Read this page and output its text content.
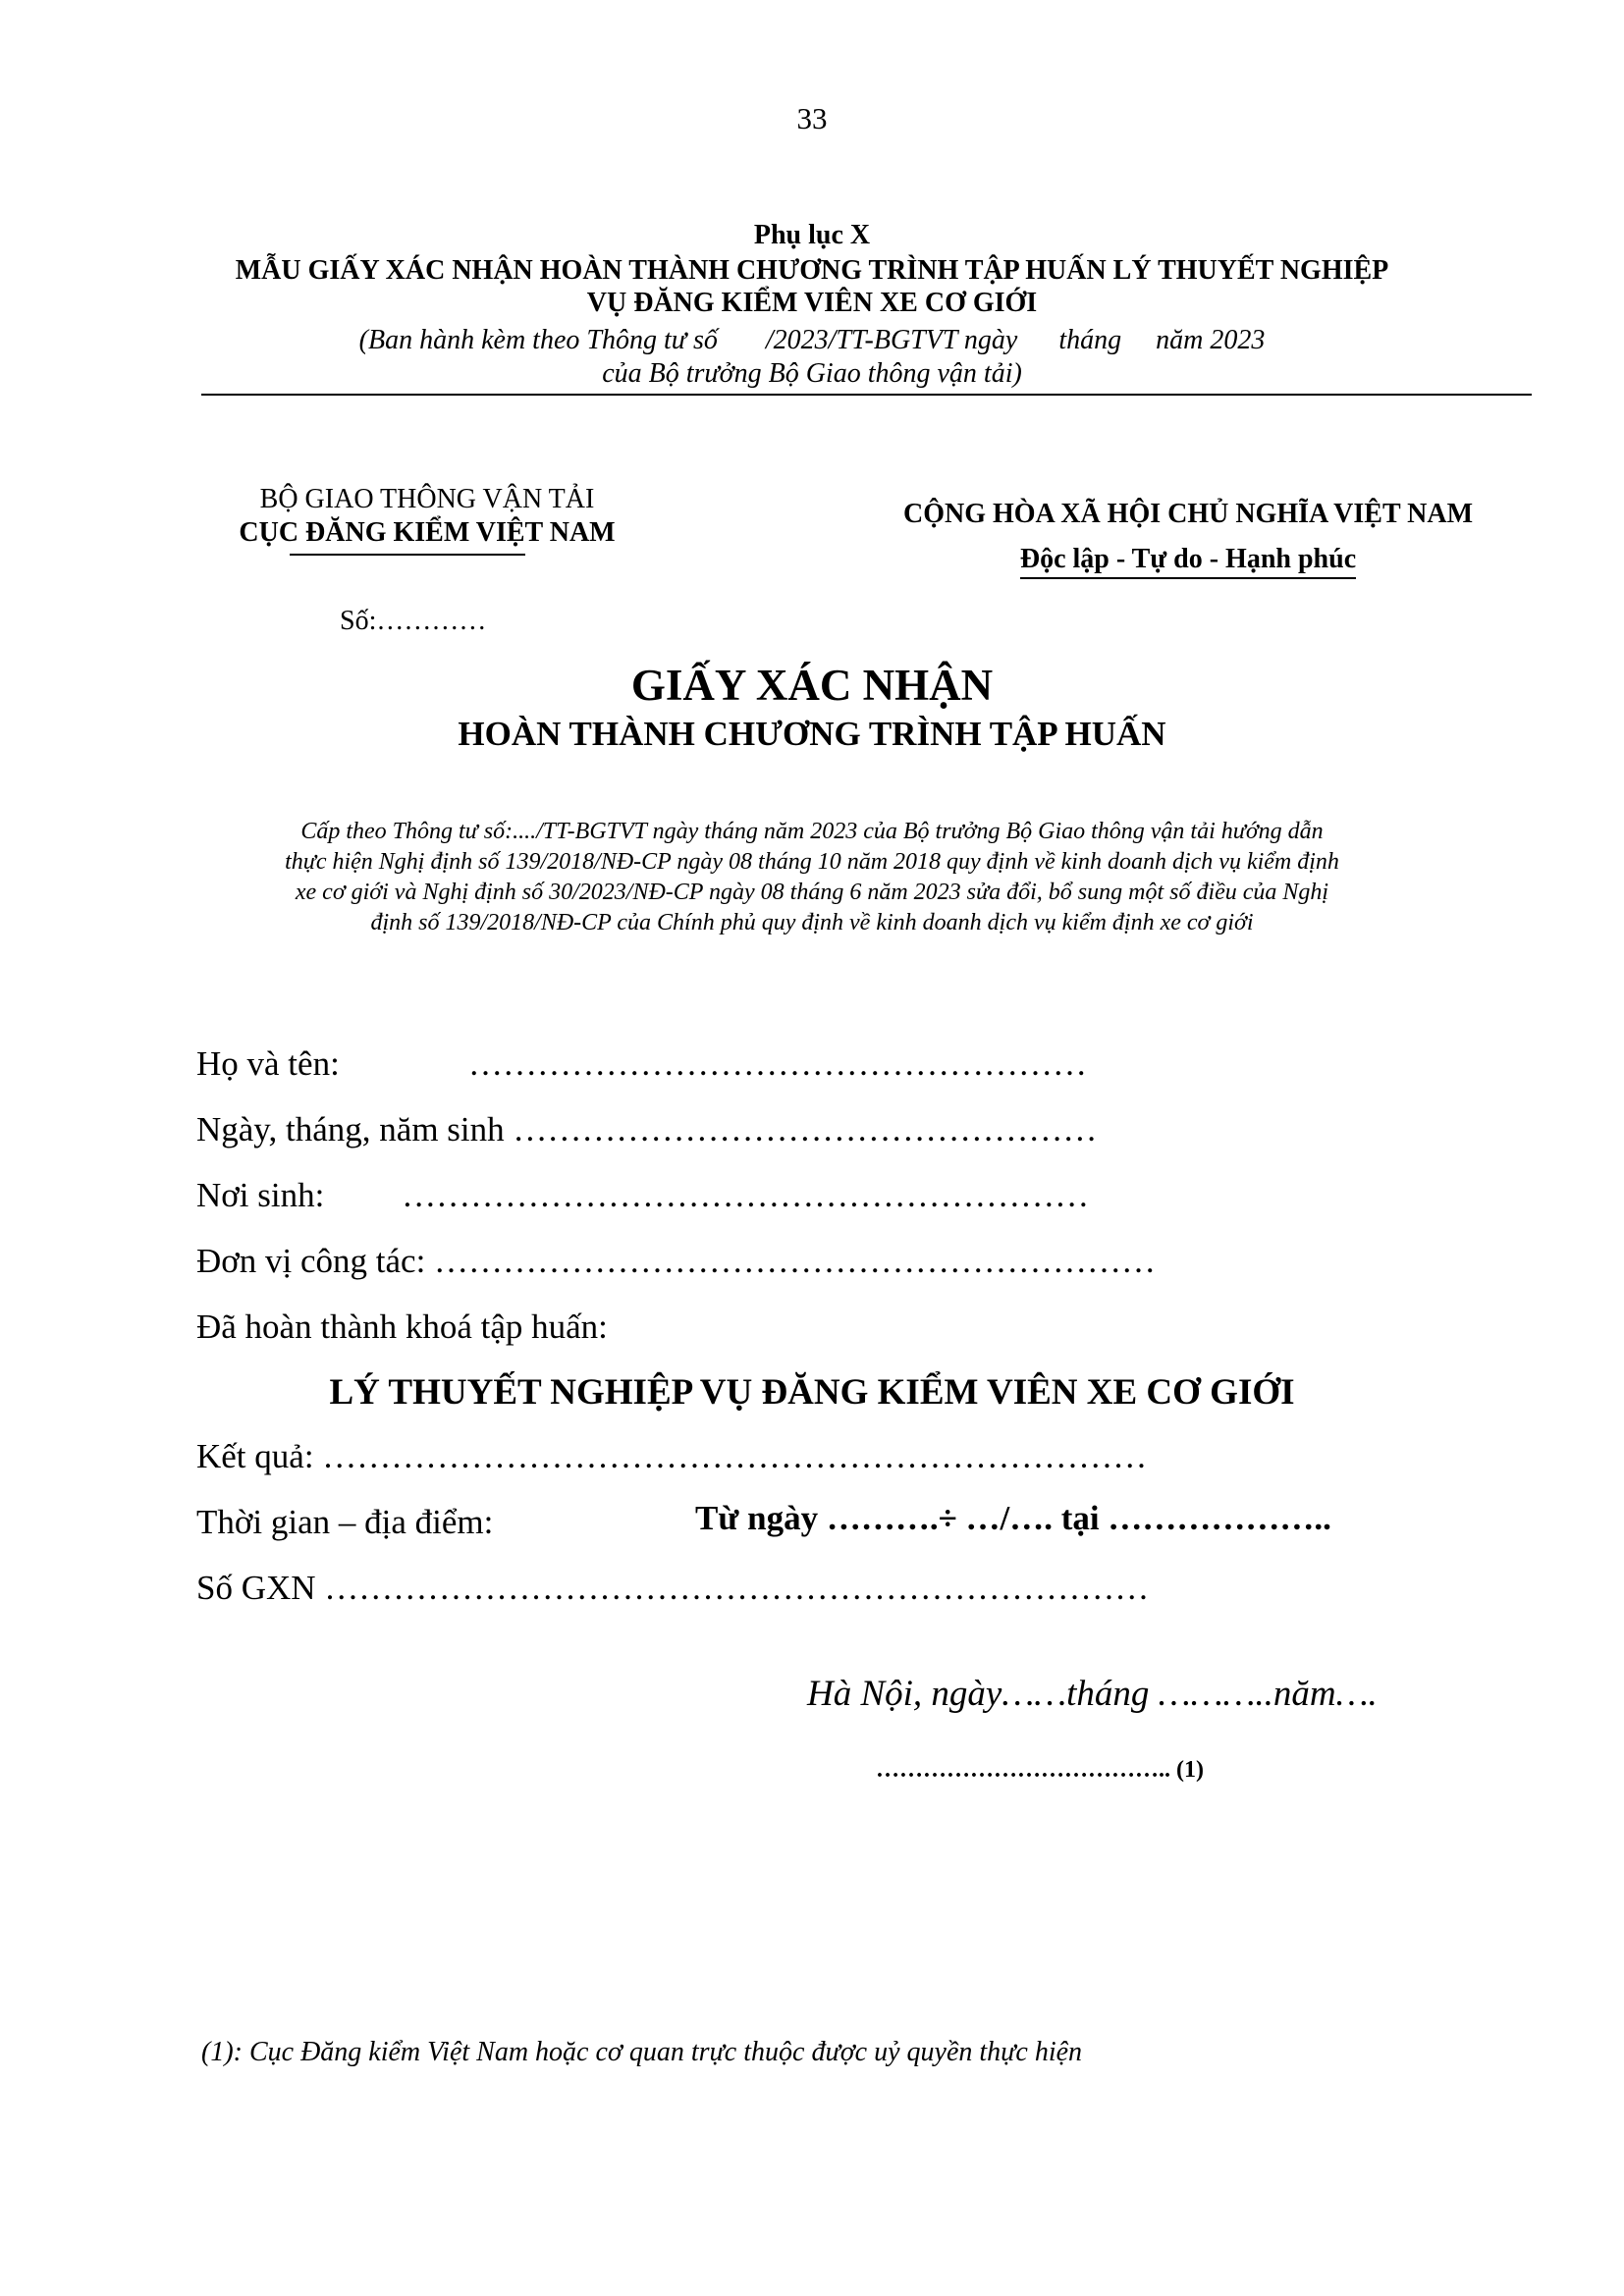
33
Phụ lục X
MẪU GIẤY XÁC NHẬN HOÀN THÀNH CHƯƠNG TRÌNH TẬP HUẤN LÝ THUYẾT NGHIỆP
VỤ ĐĂNG KIỂM VIÊN XE CƠ GIỚI
(Ban hành kèm theo Thông tư số       /2023/TT-BGTVT ngày      tháng     năm 2023
của Bộ trưởng Bộ Giao thông vận tải)
BỘ GIAO THÔNG VẬN TẢI
CỤC ĐĂNG KIỂM VIỆT NAM
Số:…………
CỘNG HÒA XÃ HỘI CHỦ NGHĨA VIỆT NAM
Độc lập - Tự do - Hạnh phúc
GIẤY XÁC NHẬN
HOÀN THÀNH CHƯƠNG TRÌNH TẬP HUẤN
Cấp theo Thông tư số:..../TT-BGTVT ngày tháng năm 2023 của Bộ trưởng Bộ Giao thông vận tải hướng dẫn
thực hiện Nghị định số 139/2018/NĐ-CP ngày 08 tháng 10 năm 2018 quy định về kinh doanh dịch vụ kiểm định
xe cơ giới và Nghị định số 30/2023/NĐ-CP ngày 08 tháng 6 năm 2023 sửa đổi, bổ sung một số điều của Nghị
định số 139/2018/NĐ-CP của Chính phủ quy định về kinh doanh dịch vụ kiểm định xe cơ giới
Họ và tên:               ………………………………………………
Ngày, tháng, năm sinh ……………………………………………
Nơi sinh:         ……………………………………………………
Đơn vị công tác: ………………………………………………………
Đã hoàn thành khoá tập huấn:
LÝ THUYẾT NGHIỆP VỤ ĐĂNG KIỂM VIÊN XE CƠ GIỚI
Kết quả: ………………………………………………………………
Thời gian – địa điểm:	Từ ngày ……….÷ …/…. tại ………………..
Số GXN ………………………………………………………………
Hà Nội, ngày……tháng ………..năm….
……………………………….. (1)
(1): Cục Đăng kiểm Việt Nam hoặc cơ quan trực thuộc được uỷ quyền thực hiện
